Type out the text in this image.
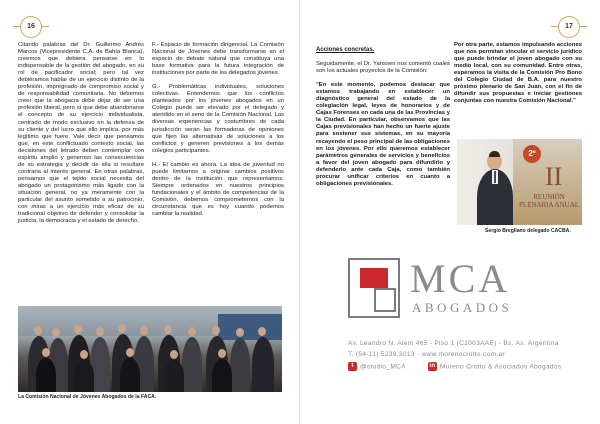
16

Citando palabras del Dr. Guillermo Andrés Marcos (Vicepresidente C.A. de Bahía Blanca), creemos que debiera pensarse en lo indispensable de la gestión del abogado, en su rol de pacificador social; pero tal vez debiéramos hablar de un ejercicio distinto de la profesión, impregnado de compromiso social y de responsabilidad comunitaria. No debemos creer que la abogacía debe dejar de ser una profesión liberal, pero sí que debe abandonarse el concepto de su ejercicio individualista, centrado de modo exclusivo en la defensa de su cliente y del lucro que ello implica, por más legítimo que fuere. Vale decir que pensamos que, en este conflictuado contexto social, las decisiones del letrado deben contemplar con espíritu amplio y generoso las consecuencias de su estrategia y decidir de ella si resultare contraria al interés general. En otras palabras, pensamos que el tejido social necesita del abogado un protagonismo más ligado con la situación general, no ya meramente con la particular del asunto sometido a su patrocinio, con miras a un ejercicio más eficaz de su tradicional objetivo de defender y consolidar la justicia, la democracia y el estado de derecho.

F.- Espacio de formación dirigencial. La Comisión Nacional de Jóvenes debe transformarse en el espacio de debate natural que constituya una base formativa para la futura integración de instituciones por parte de los delegados jóvenes.

G.- Problemáticas individuales, soluciones colectivas. Entendemos que los conflictos planteados por los jóvenes abogados en un Colegio puede ser elevado por el delegado y atendido en el seno de la Comisión Nacional. Las diversas experiencias y costumbres de cada jurisdicción serán las formadoras de opiniones que fijen las alternativas de soluciones a los conflictos y generen previsiones a los demás colegios participantes.

H.- El cambio es ahora. La idea de juventud no puede limitarnos a originar cambios positivos dentro de la institución que representamos. Siempre ordenados en nuestros principios fundacionales y el ámbito de competencias de la Comisión, debemos comprometernos con la circunstancia que es hoy cuando podemos cambiar la realidad.

La Comisión Nacional de Jóvenes Abogados de la FACA.
17
Acciones concretas.

Seguidamente, el Dr. Yanssen nos comentó cuales son los actuales proyectos de la Comisión:

"En este momento, podemos destacar que estamos trabajando en establecer un diagnóstico general del estado de la colegiación legal, leyes de honorarios y de Cajas Forenses en cada una de las Provincias y la Ciudad. En particular, observamos que las Cajas previsionales han hecho un fuerte ajuste para sostener sus sistemas, en su mayoría recayendo el peso principal de las obligaciones en los jóvenes. Por ello queremos establecer parámetros generales de servicios y beneficios a favor del joven abogado para difundirlo y defenderlo ante cada Caja, como también procurar unificar criterios en cuanto a obligaciones previsionales.

Por otra parte, estamos impulsando acciones que nos permitan vincular el servicio jurídico que puede brindar el joven abogado con su medio local, con su comunidad. Entre otras, esperamos la visita de la Comisión Pro Bono del Colegio Ciudad de B.A. para nuestro próximo plenario de San Juan, con el fin de difundir sus propuestas e iniciar gestiones conjuntas con nuestra Comisión Nacional."

2º
II
REUNIÓN
PLENARIA ANUAL
Sergio Bregliano delegado CACBA.
MCA
ABOGADOS
Av. Leandro N. Alem 465 - Piso 1 (C1003AAE) - Bs. As. Argentina
T. (54-11) 5239.3013 · www.morenocrotto.com.ar
t @studio_MCA	in Moreno Crotto & Asociados Abogados
